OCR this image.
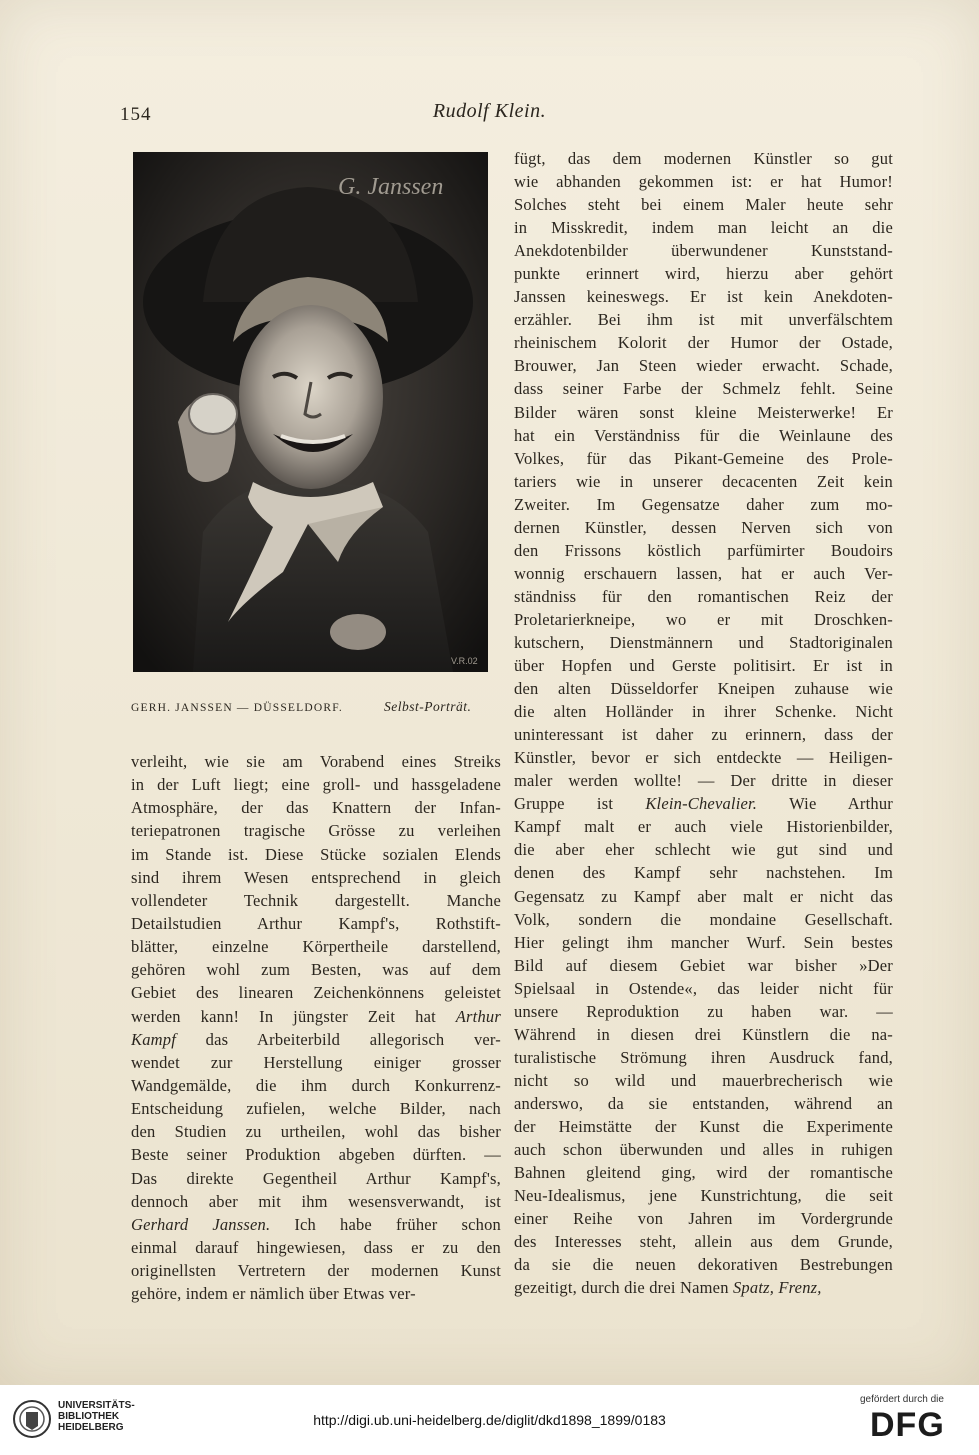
154	Rudolf Klein.
G. Janssen
V.R.02
GERH. JANSSEN — DÜSSELDORF.	Selbst-Porträt.
verleiht, wie sie am Vorabend eines Streiks
in der Luft liegt; eine groll- und hassgeladene
Atmosphäre, der das Knattern der Infan-
teriepatronen tragische Grösse zu verleihen
im Stande ist. Diese Stücke sozialen Elends
sind ihrem Wesen entsprechend in gleich
vollendeter Technik dargestellt. Manche
Detailstudien Arthur Kampf's, Rothstift-
blätter, einzelne Körpertheile darstellend,
gehören wohl zum Besten, was auf dem
Gebiet des linearen Zeichenkönnens geleistet
werden kann! In jüngster Zeit hat Arthur
Kampf das Arbeiterbild allegorisch ver-
wendet zur Herstellung einiger grosser
Wandgemälde, die ihm durch Konkurrenz-
Entscheidung zufielen, welche Bilder, nach
den Studien zu urtheilen, wohl das bisher
Beste seiner Produktion abgeben dürften. —
Das direkte Gegentheil Arthur Kampf's,
dennoch aber mit ihm wesensverwandt, ist
Gerhard Janssen. Ich habe früher schon
einmal darauf hingewiesen, dass er zu den
originellsten Vertretern der modernen Kunst
gehöre, indem er nämlich über Etwas ver-
fügt, das dem modernen Künstler so gut
wie abhanden gekommen ist: er hat Humor!
Solches steht bei einem Maler heute sehr
in Misskredit, indem man leicht an die
Anekdotenbilder überwundener Kunststand-
punkte erinnert wird, hierzu aber gehört
Janssen keineswegs. Er ist kein Anekdoten-
erzähler. Bei ihm ist mit unverfälschtem
rheinischem Kolorit der Humor der Ostade,
Brouwer, Jan Steen wieder erwacht. Schade,
dass seiner Farbe der Schmelz fehlt. Seine
Bilder wären sonst kleine Meisterwerke! Er
hat ein Verständniss für die Weinlaune des
Volkes, für das Pikant-Gemeine des Prole-
tariers wie in unserer decacenten Zeit kein
Zweiter. Im Gegensatze daher zum mo-
dernen Künstler, dessen Nerven sich von
den Frissons köstlich parfümirter Boudoirs
wonnig erschauern lassen, hat er auch Ver-
ständniss für den romantischen Reiz der
Proletarierkneipe, wo er mit Droschken-
kutschern, Dienstmännern und Stadtoriginalen
über Hopfen und Gerste politisirt. Er ist in
den alten Düsseldorfer Kneipen zuhause wie
die alten Holländer in ihrer Schenke. Nicht
uninteressant ist daher zu erinnern, dass der
Künstler, bevor er sich entdeckte — Heiligen-
maler werden wollte! — Der dritte in dieser
Gruppe ist Klein-Chevalier. Wie Arthur
Kampf malt er auch viele Historienbilder,
die aber eher schlecht wie gut sind und
denen des Kampf sehr nachstehen. Im
Gegensatz zu Kampf aber malt er nicht das
Volk, sondern die mondaine Gesellschaft.
Hier gelingt ihm mancher Wurf. Sein bestes
Bild auf diesem Gebiet war bisher »Der
Spielsaal in Ostende«, das leider nicht für
unsere Reproduktion zu haben war. —
Während in diesen drei Künstlern die na-
turalistische Strömung ihren Ausdruck fand,
nicht so wild und mauerbrecherisch wie
anderswo, da sie entstanden, während an
der Heimstätte der Kunst die Experimente
auch schon überwunden und alles in ruhigen
Bahnen gleitend ging, wird der romantische
Neu-Idealismus, jene Kunstrichtung, die seit
einer Reihe von Jahren im Vordergrunde
des Interesses steht, allein aus dem Grunde,
da sie die neuen dekorativen Bestrebungen
gezeitigt, durch die drei Namen Spatz, Frenz,
UNIVERSITÄTS-
BIBLIOTHEK
HEIDELBERG	http://digi.ub.uni-heidelberg.de/diglit/dkd1898_1899/0183
gefördert durch die
DFG
